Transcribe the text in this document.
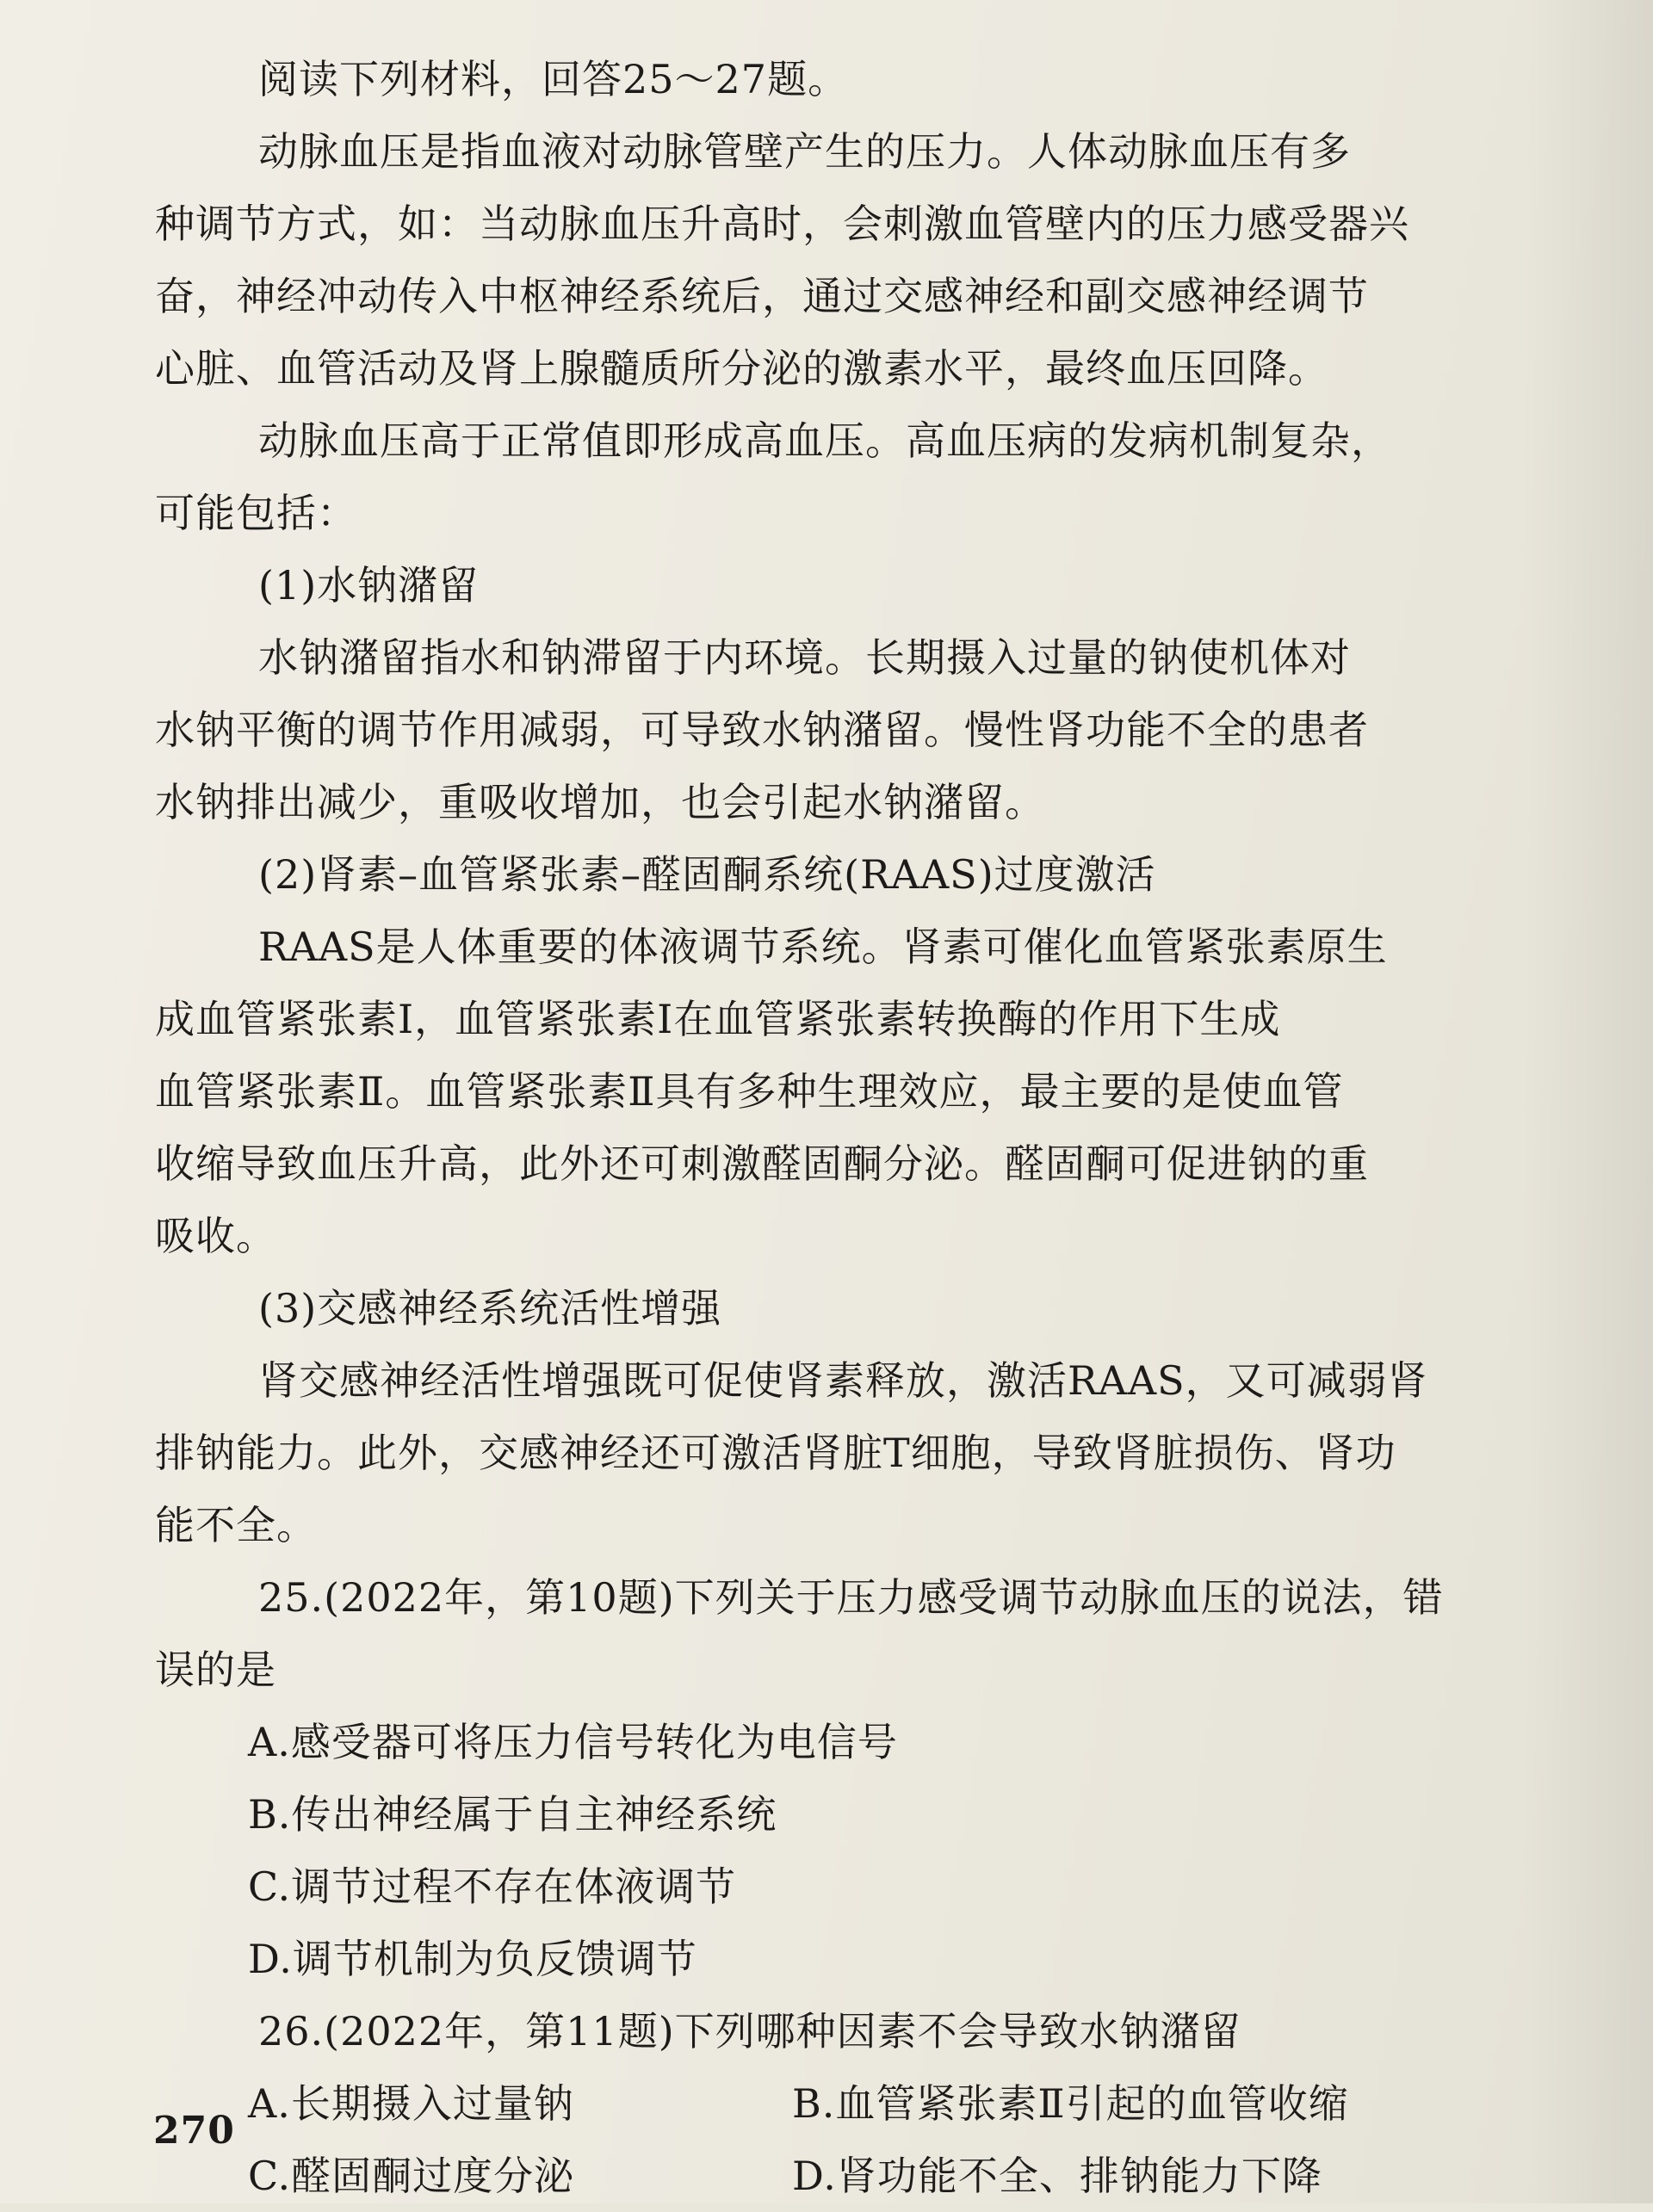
阅读下列材料，回答25～27题。
动脉血压是指血液对动脉管壁产生的压力。人体动脉血压有多
种调节方式，如：当动脉血压升高时，会刺激血管壁内的压力感受器兴
奋，神经冲动传入中枢神经系统后，通过交感神经和副交感神经调节
心脏、血管活动及肾上腺髓质所分泌的激素水平，最终血压回降。
动脉血压高于正常值即形成高血压。高血压病的发病机制复杂，
可能包括：
(1)水钠潴留
水钠潴留指水和钠滞留于内环境。长期摄入过量的钠使机体对
水钠平衡的调节作用减弱，可导致水钠潴留。慢性肾功能不全的患者
水钠排出减少，重吸收增加，也会引起水钠潴留。
(2)肾素–血管紧张素–醛固酮系统(RAAS)过度激活
RAAS是人体重要的体液调节系统。肾素可催化血管紧张素原生
成血管紧张素Ⅰ，血管紧张素Ⅰ在血管紧张素转换酶的作用下生成
血管紧张素Ⅱ。血管紧张素Ⅱ具有多种生理效应，最主要的是使血管
收缩导致血压升高，此外还可刺激醛固酮分泌。醛固酮可促进钠的重
吸收。
(3)交感神经系统活性增强
肾交感神经活性增强既可促使肾素释放，激活RAAS，又可减弱肾
排钠能力。此外，交感神经还可激活肾脏T细胞，导致肾脏损伤、肾功
能不全。
25.(2022年，第10题)下列关于压力感受调节动脉血压的说法，错
误的是
A.感受器可将压力信号转化为电信号
B.传出神经属于自主神经系统
C.调节过程不存在体液调节
D.调节机制为负反馈调节
26.(2022年，第11题)下列哪种因素不会导致水钠潴留
A.长期摄入过量钠	B.血管紧张素Ⅱ引起的血管收缩
C.醛固酮过度分泌	D.肾功能不全、排钠能力下降
270
